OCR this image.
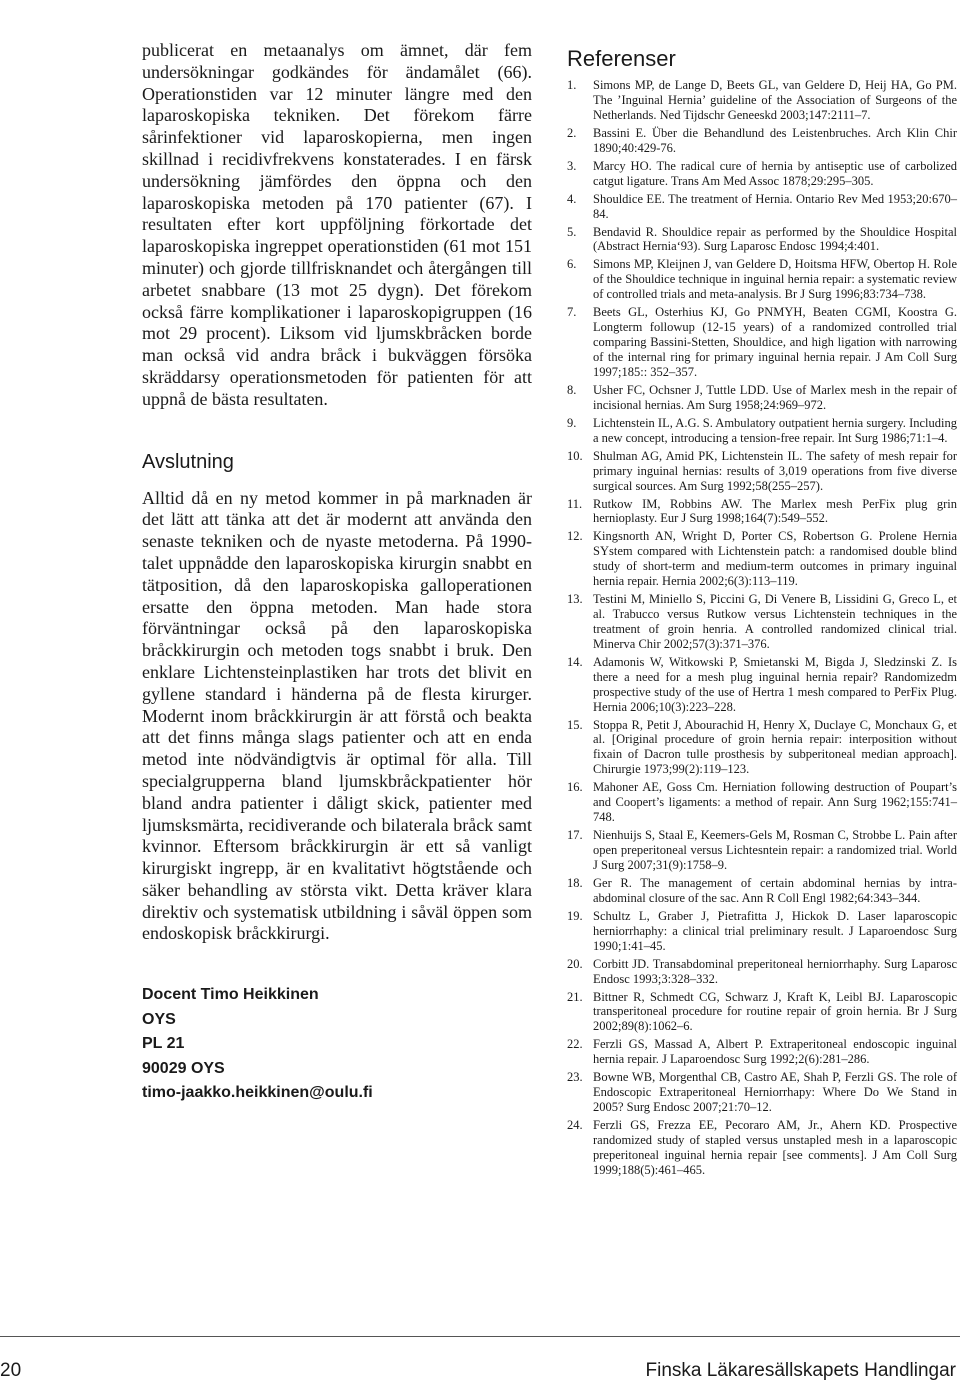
publicerat en metaanalys om ämnet, där fem undersökningar godkändes för ändamålet (66). Operationstiden var 12 minuter längre med den laparoskopiska tekniken. Det förekom färre sårinfektioner vid laparoskopierna, men ingen skillnad i recidivfrekvens konstaterades. I en färsk undersökning jämfördes den öppna och den laparoskopiska metoden på 170 patienter (67). I resultaten efter kort uppföljning förkortade det laparoskopiska ingreppet operationstiden (61 mot 151 minuter) och gjorde tillfrisknandet och återgången till arbetet snabbare (13 mot 25 dygn). Det förekom också färre komplikationer i laparoskopigruppen (16 mot 29 procent). Liksom vid ljumskbråcken borde man också vid andra bråck i bukväggen försöka skräddarsy operationsmetoden för patienten för att uppnå de bästa resultaten.

Avslutning

Alltid då en ny metod kommer in på marknaden är det lätt att tänka att det är modernt att använda den senaste tekniken och de nyaste metoderna. På 1990-talet uppnådde den laparoskopiska kirurgin snabbt en tätposition, då den laparoskopiska galloperationen ersatte den öppna metoden. Man hade stora förväntningar också på den laparoskopiska bråckkirurgin och metoden togs snabbt i bruk. Den enklare Lichtensteinplastiken har trots det blivit en gyllene standard i händerna på de flesta kirurger. Modernt inom bråckkirurgin är att förstå och beakta att det finns många slags patienter och att en enda metod inte nödvändigtvis är optimal för alla. Till specialgrupperna bland ljumskbråckpatienter hör bland andra patienter i dåligt skick, patienter med ljumsksmärta, recidiverande och bilaterala bråck samt kvinnor. Eftersom bråckkirurgin är ett så vanligt kirurgiskt ingrepp, är en kvalitativt högtstående och säker behandling av största vikt. Detta kräver klara direktiv och systematisk utbildning i såväl öppen som endoskopisk bråckkirurgi.

Docent Timo Heikkinen
OYS
PL 21
90029 OYS
timo-jaakko.heikkinen@oulu.fi
Referenser
1. Simons MP, de Lange D, Beets GL, van Geldere D, Heij HA, Go PM. The ’Inguinal Hernia’ guideline of the Association of Surgeons of the Netherlands. Ned Tijdschr Geneeskd 2003;147:2111–7.
2. Bassini E. Über die Behandlund des Leistenbruches. Arch Klin Chir 1890;40:429-76.
3. Marcy HO. The radical cure of hernia by antiseptic use of carbolized catgut ligature. Trans Am Med Assoc 1878;29:295–305.
4. Shouldice EE. The treatment of Hernia. Ontario Rev Med 1953;20:670–84.
5. Bendavid R. Shouldice repair as performed by the Shouldice Hospital (Abstract Hernia‘93). Surg Laparosc Endosc 1994;4:401.
6. Simons MP, Kleijnen J, van Geldere D, Hoitsma HFW, Obertop H. Role of the Shouldice technique in inguinal hernia repair: a systematic review of controlled trials and meta-analysis. Br J Surg 1996;83:734–738.
7. Beets GL, Osterhius KJ, Go PNMYH, Beaten CGMI, Koostra G. Longterm followup (12-15 years) of a randomized controlled trial comparing Bassini-Stetten, Shouldice, and high ligation with narrowing of the internal ring for primary inguinal hernia repair. J Am Coll Surg 1997;185:: 352–357.
8. Usher FC, Ochsner J, Tuttle LDD. Use of Marlex mesh in the repair of incisional hernias. Am Surg 1958;24:969–972.
9. Lichtenstein IL, A.G. S. Ambulatory outpatient hernia surgery. Including a new concept, introducing a tension-free repair. Int Surg 1986;71:1–4.
10. Shulman AG, Amid PK, Lichtenstein IL. The safety of mesh repair for primary inguinal hernias: results of 3,019 operations from five diverse surgical sources. Am Surg 1992;58(255–257).
11. Rutkow IM, Robbins AW. The Marlex mesh PerFix plug grin hernioplasty. Eur J Surg 1998;164(7):549–552.
12. Kingsnorth AN, Wright D, Porter CS, Robertson G. Prolene Hernia SYstem compared with Lichtenstein patch: a randomised double blind study of short-term and medium-term outcomes in primary inguinal hernia repair. Hernia 2002;6(3):113–119.
13. Testini M, Miniello S, Piccini G, Di Venere B, Lissidini G, Greco L, et al. Trabucco versus Rutkow versus Lichtenstein techniques in the treatment of groin henria. A controlled randomized clinical trial. Minerva Chir 2002;57(3):371–376.
14. Adamonis W, Witkowski P, Smietanski M, Bigda J, Sledzinski Z. Is there a need for a mesh plug inguinal hernia repair? Randomizedm prospective study of the use of Hertra 1 mesh compared to PerFix Plug. Hernia 2006;10(3):223–228.
15. Stoppa R, Petit J, Abourachid H, Henry X, Duclaye C, Monchaux G, et al. [Original procedure of groin hernia repair: interposition without fixain of Dacron tulle prosthesis by subperitoneal median approach]. Chirurgie 1973;99(2):119–123.
16. Mahoner AE, Goss Cm. Herniation following destruction of Poupart’s and Coopert’s ligaments: a method of repair. Ann Surg 1962;155:741–748.
17. Nienhuijs S, Staal E, Keemers-Gels M, Rosman C, Strobbe L. Pain after open preperitoneal versus Lichtesntein repair: a randomized trial. World J Surg 2007;31(9):1758–9.
18. Ger R. The management of certain abdominal hernias by intra-abdominal closure of the sac. Ann R Coll Engl 1982;64:343–344.
19. Schultz L, Graber J, Pietrafitta J, Hickok D. Laser laparoscopic herniorrhaphy: a clinical trial preliminary result. J Laparoendosc Surg 1990;1:41–45.
20. Corbitt JD. Transabdominal preperitoneal herniorrhaphy. Surg Laparosc Endosc 1993;3:328–332.
21. Bittner R, Schmedt CG, Schwarz J, Kraft K, Leibl BJ. Laparoscopic transperitoneal procedure for routine repair of groin hernia. Br J Surg 2002;89(8):1062–6.
22. Ferzli GS, Massad A, Albert P. Extraperitoneal endoscopic inguinal hernia repair. J Laparoendosc Surg 1992;2(6):281–286.
23. Bowne WB, Morgenthal CB, Castro AE, Shah P, Ferzli GS. The role of Endoscopic Extraperitoneal Herniorrhapy: Where Do We Stand in 2005? Surg Endosc 2007;21:70–12.
24. Ferzli GS, Frezza EE, Pecoraro AM, Jr., Ahern KD. Prospective randomized study of stapled versus unstapled mesh in a laparoscopic preperitoneal inguinal hernia repair [see comments]. J Am Coll Surg 1999;188(5):461–465.
20	Finska Läkaresällskapets Handlingar
